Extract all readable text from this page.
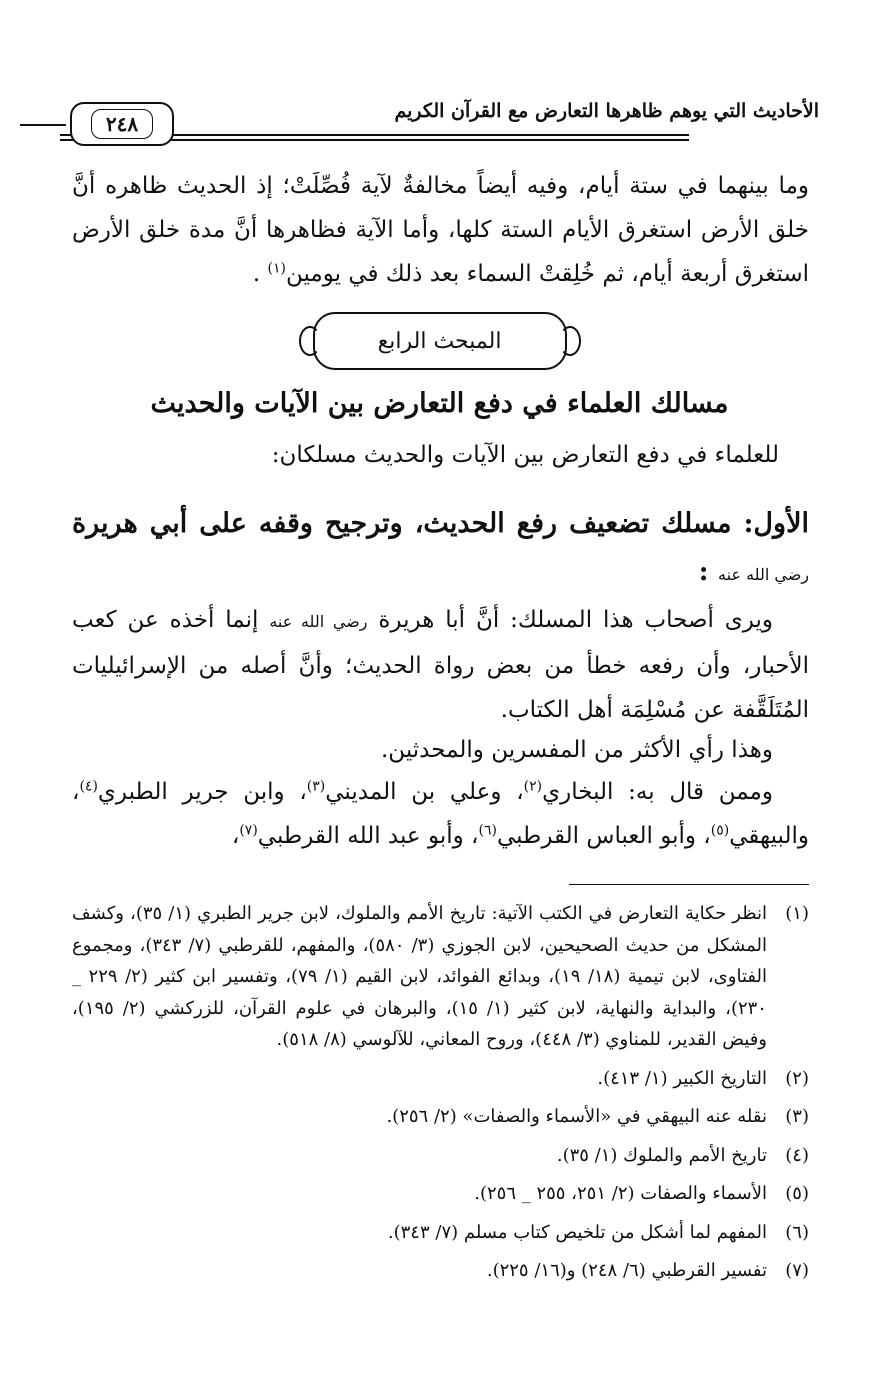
الأحاديث التي يوهم ظاهرها التعارض مع القرآن الكريم
٢٤٨

وما بينهما في ستة أيام، وفيه أيضاً مخالفةٌ لآية فُصِّلَتْ؛ إذ الحديث ظاهره أنَّ خلق الأرض استغرق الأيام الستة كلها، وأما الآية فظاهرها أنَّ مدة خلق الأرض استغرق أربعة أيام، ثم خُلِقتْ السماء بعد ذلك في يومين$^{(١)}$ .

المبحث الرابع
مسالك العلماء في دفع التعارض بين الآيات والحديث
للعلماء في دفع التعارض بين الآيات والحديث مسلكان:
الأول: مسلك تضعيف رفع الحديث، وترجيح وقفه على أبي هريرة رضي الله عنه :

ويرى أصحاب هذا المسلك: أنَّ أبا هريرة رضي الله عنه إنما أخذه عن كعب الأحبار، وأن رفعه خطأ من بعض رواة الحديث؛ وأنَّ أصله من الإسرائيليات المُتَلَقَّفة عن مُسْلِمَة أهل الكتاب.

وهذا رأي الأكثر من المفسرين والمحدثين.

وممن قال به: البخاري$^{(٢)}$، وعلي بن المديني$^{(٣)}$، وابن جرير الطبري$^{(٤)}$، والبيهقي$^{(٥)}$، وأبو العباس القرطبي$^{(٦)}$، وأبو عبد الله القرطبي$^{(٧)}$،

(١)
انظر حكاية التعارض في الكتب الآتية: تاريخ الأمم والملوك، لابن جرير الطبري (١/ ٣٥)، وكشف المشكل من حديث الصحيحين، لابن الجوزي (٣/ ٥٨٠)، والمفهم، للقرطبي (٧/ ٣٤٣)، ومجموع الفتاوى، لابن تيمية (١٨/ ١٩)، وبدائع الفوائد، لابن القيم (١/ ٧٩)، وتفسير ابن كثير (٢/ ٢٢٩ _ ٢٣٠)، والبداية والنهاية، لابن كثير (١/ ١٥)، والبرهان في علوم القرآن، للزركشي (٢/ ١٩٥)، وفيض القدير، للمناوي (٣/ ٤٤٨)، وروح المعاني، للآلوسي (٨/ ٥١٨).
(٢)
التاريخ الكبير (١/ ٤١٣).
(٣)
نقله عنه البيهقي في «الأسماء والصفات» (٢/ ٢٥٦).
(٤)
تاريخ الأمم والملوك (١/ ٣٥).
(٥)
الأسماء والصفات (٢/ ٢٥١، ٢٥٥ _ ٢٥٦).
(٦)
المفهم لما أشكل من تلخيص كتاب مسلم (٧/ ٣٤٣).
(٧)
تفسير القرطبي (٦/ ٢٤٨) و(١٦/ ٢٢٥).
